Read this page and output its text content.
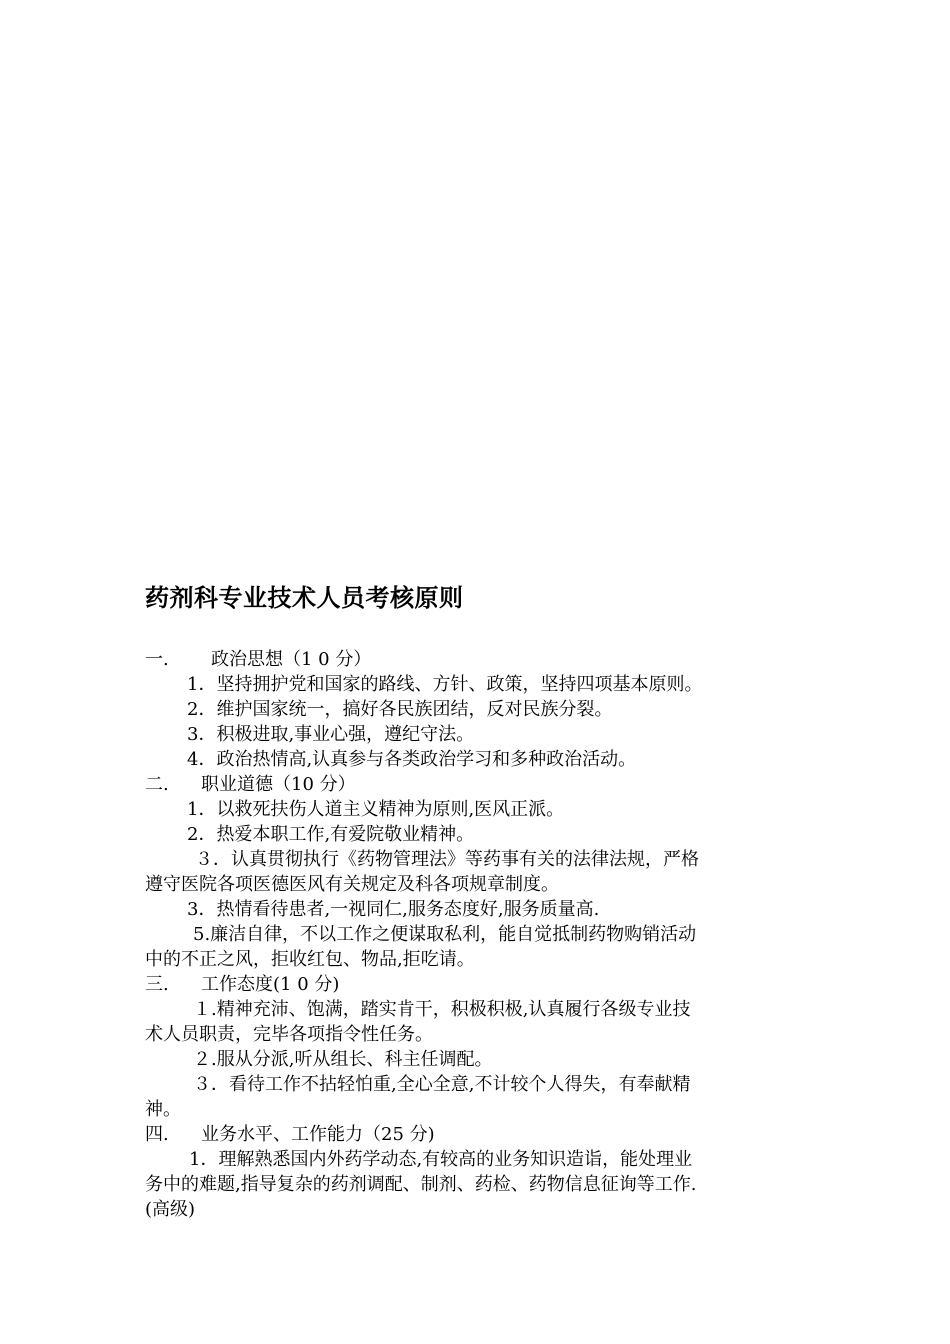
药剂科专业技术人员考核原则
一. 政治思想（1 0 分）
1．坚持拥护党和国家的路线、方针、政策，坚持四项基本原则。
2．维护国家统一，搞好各民族团结，反对民族分裂。
3．积极进取,事业心强，遵纪守法。
4．政治热情高,认真参与各类政治学习和多种政治活动。
二. 职业道德（10 分）
1．以救死扶伤人道主义精神为原则,医风正派。
2．热爱本职工作,有爱院敬业精神。
３．认真贯彻执行《药物管理法》等药事有关的法律法规，严格
遵守医院各项医德医风有关规定及科各项规章制度。
3．热情看待患者,一视同仁,服务态度好,服务质量高.
5.廉洁自律，不以工作之便谋取私利，能自觉抵制药物购销活动
中的不正之风，拒收红包、物品,拒吃请。
三. 工作态度(1 0 分)
１.精神充沛、饱满，踏实肯干，积极积极,认真履行各级专业技
术人员职责，完毕各项指令性任务。
２.服从分派,听从组长、科主任调配。
３．看待工作不拈轻怕重,全心全意,不计较个人得失，有奉献精
神。
四. 业务水平、工作能力（25 分)
1．理解熟悉国内外药学动态,有较高的业务知识造诣，能处理业
务中的难题,指导复杂的药剂调配、制剂、药检、药物信息征询等工作.
(高级)
